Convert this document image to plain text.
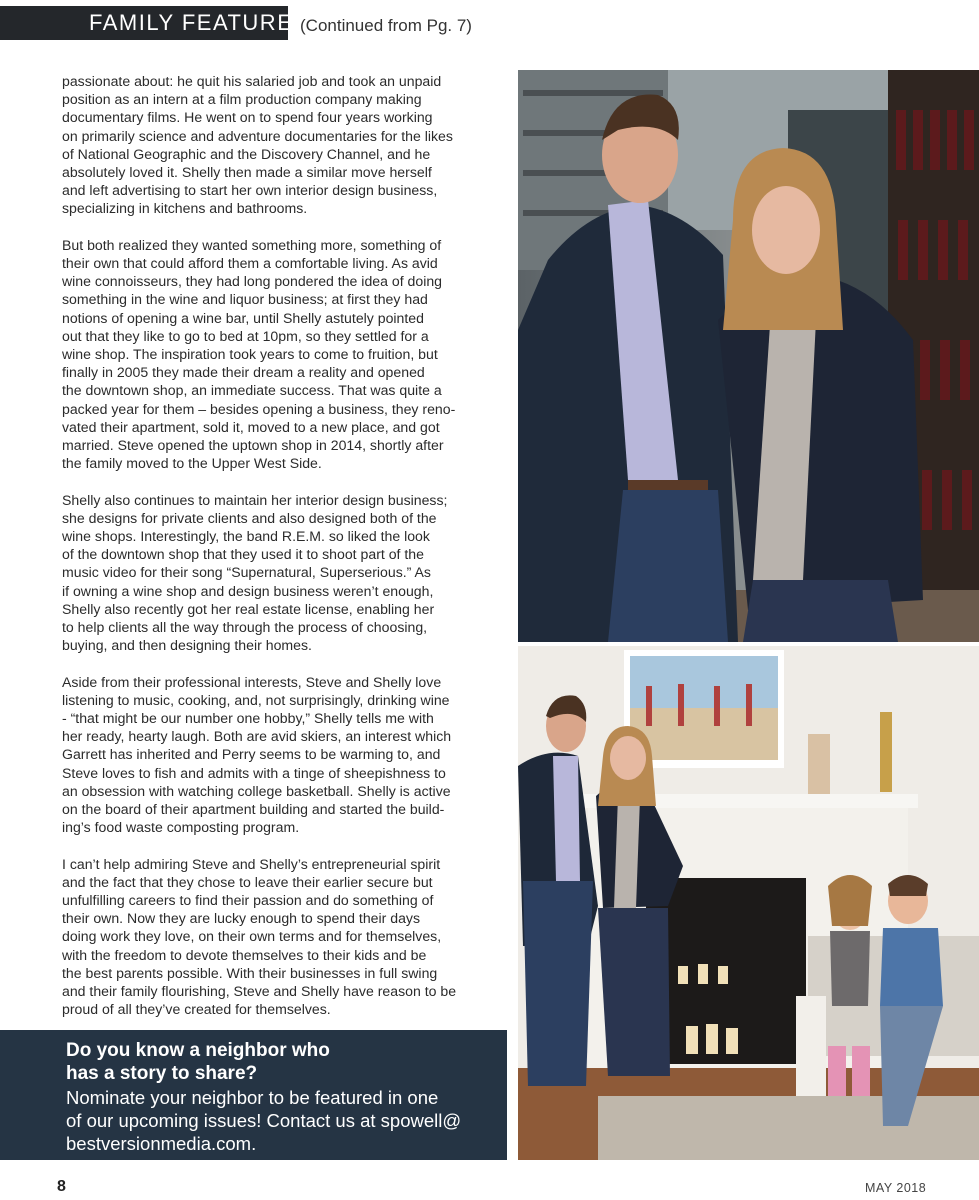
FAMILY FEATURE (Continued from Pg. 7)

passionate about: he quit his salaried job and took an unpaid
position as an intern at a film production company making
documentary films. He went on to spend four years working
on primarily science and adventure documentaries for the likes
of National Geographic and the Discovery Channel, and he
absolutely loved it. Shelly then made a similar move herself
and left advertising to start her own interior design business,
specializing in kitchens and bathrooms.

But both realized they wanted something more, something of
their own that could afford them a comfortable living. As avid
wine connoisseurs, they had long pondered the idea of doing
something in the wine and liquor business; at first they had
notions of opening a wine bar, until Shelly astutely pointed
out that they like to go to bed at 10pm, so they settled for a
wine shop. The inspiration took years to come to fruition, but
finally in 2005 they made their dream a reality and opened
the downtown shop, an immediate success. That was quite a
packed year for them – besides opening a business, they reno-
vated their apartment, sold it, moved to a new place, and got
married. Steve opened the uptown shop in 2014, shortly after
the family moved to the Upper West Side.

Shelly also continues to maintain her interior design business;
she designs for private clients and also designed both of the
wine shops. Interestingly, the band R.E.M. so liked the look
of the downtown shop that they used it to shoot part of the
music video for their song “Supernatural, Superserious.” As
if owning a wine shop and design business weren’t enough,
Shelly also recently got her real estate license, enabling her
to help clients all the way through the process of choosing,
buying, and then designing their homes.

Aside from their professional interests, Steve and Shelly love
listening to music, cooking, and, not surprisingly, drinking wine
- “that might be our number one hobby,” Shelly tells me with
her ready, hearty laugh. Both are avid skiers, an interest which
Garrett has inherited and Perry seems to be warming to, and
Steve loves to fish and admits with a tinge of sheepishness to
an obsession with watching college basketball. Shelly is active
on the board of their apartment building and started the build-
ing’s food waste composting program.

I can’t help admiring Steve and Shelly’s entrepreneurial spirit
and the fact that they chose to leave their earlier secure but
unfulfilling careers to find their passion and do something of
their own. Now they are lucky enough to spend their days
doing work they love, on their own terms and for themselves,
with the freedom to devote themselves to their kids and be
the best parents possible. With their businesses in full swing
and their family flourishing, Steve and Shelly have reason to be
proud of all they’ve created for themselves.

Do you know a neighbor who
has a story to share?
Nominate your neighbor to be featured in one
of our upcoming issues! Contact us at spowell@
bestversionmedia.com.
8	MAY 2018
